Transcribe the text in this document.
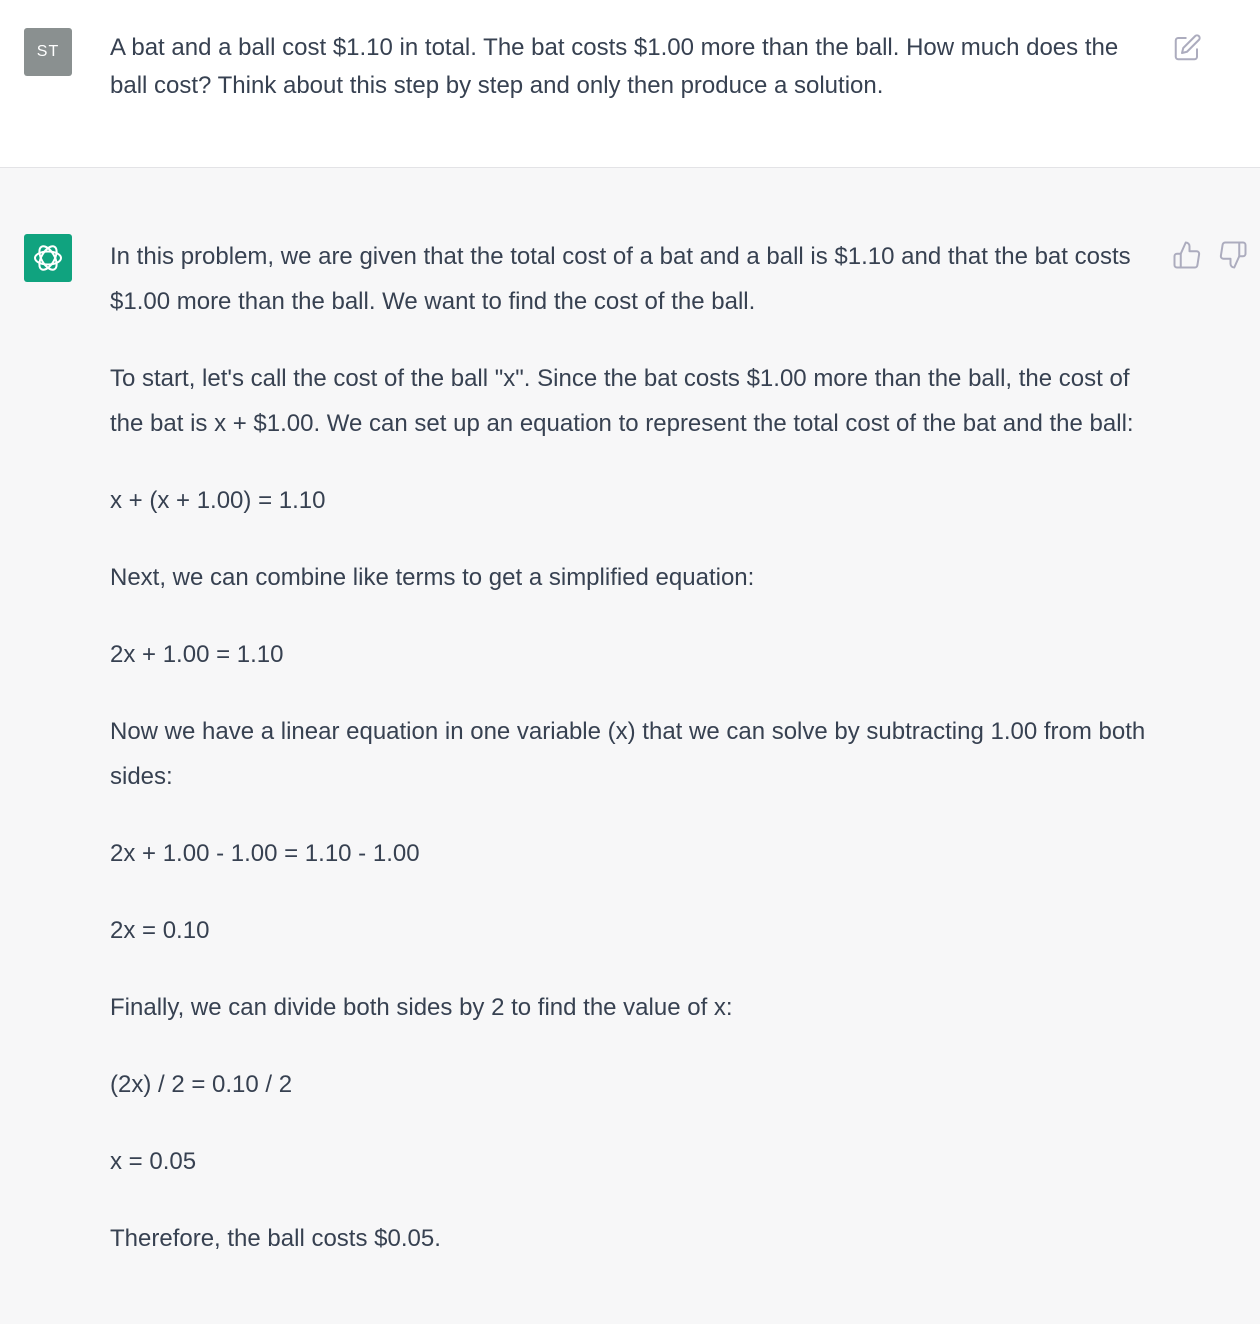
ST A bat and a ball cost $1.10 in total. The bat costs $1.00 more than the ball. How much does the ball cost? Think about this step by step and only then produce a solution.

In this problem, we are given that the total cost of a bat and a ball is $1.10 and that the bat costs $1.00 more than the ball. We want to find the cost of the ball.

To start, let's call the cost of the ball "x". Since the bat costs $1.00 more than the ball, the cost of the bat is x + $1.00. We can set up an equation to represent the total cost of the bat and the ball:

x + (x + 1.00) = 1.10

Next, we can combine like terms to get a simplified equation:

2x + 1.00 = 1.10

Now we have a linear equation in one variable (x) that we can solve by subtracting 1.00 from both sides:

2x + 1.00 - 1.00 = 1.10 - 1.00

2x = 0.10

Finally, we can divide both sides by 2 to find the value of x:

(2x) / 2 = 0.10 / 2

x = 0.05

Therefore, the ball costs $0.05.
